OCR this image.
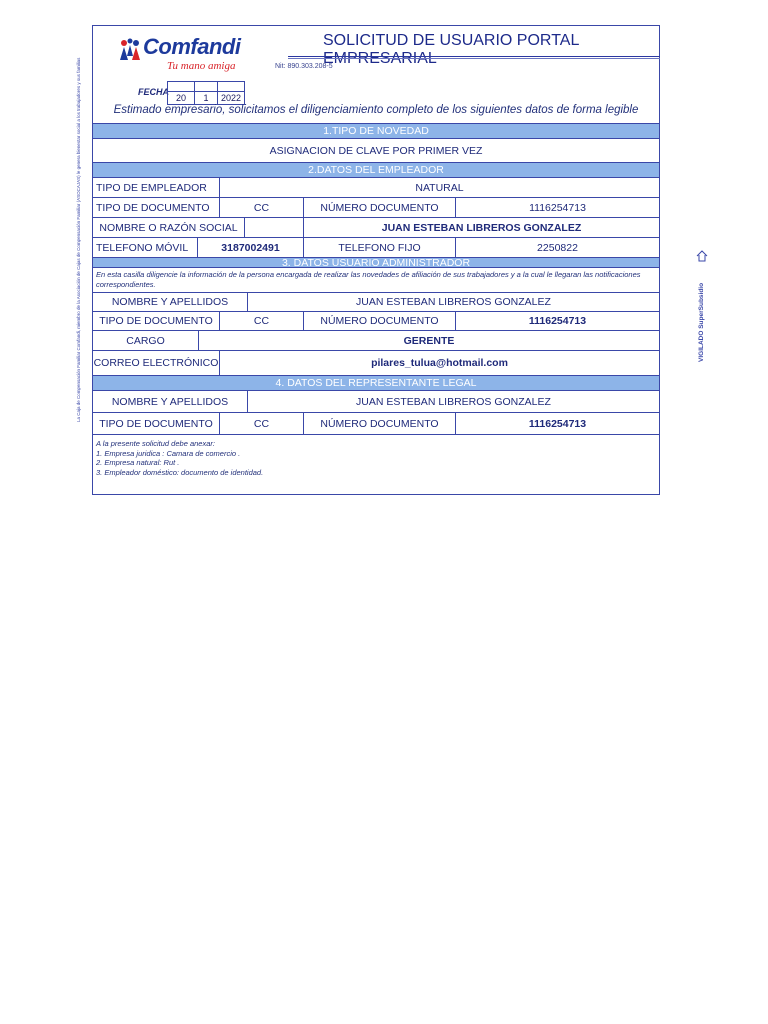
La Caja de Compensación Familiar Comfandi, miembro de la Asociación de Cajas de Compensación Familiar (ASOCAJAS) le genera bienestar social a los trabajadores y sus familias	VIGILADO SuperSubsidio
Comfandi
Tu mano amiga
SOLICITUD DE USUARIO PORTAL
Nit: 890.303.208-5
FECHA
20	1	2022
Estimado empresario, solicitamos el diligenciamiento completo de los siguientes datos de forma legible
1.TIPO DE NOVEDAD
ASIGNACION DE CLAVE POR PRIMER VEZ
2.DATOS DEL EMPLEADOR
TIPO DE EMPLEADOR	NATURAL
TIPO DE DOCUMENTO	CC	NÚMERO DOCUMENTO	1116254713
NOMBRE O RAZÓN SOCIAL	JUAN ESTEBAN LIBREROS GONZALEZ
TELEFONO MÓVIL	3187002491	TELEFONO FIJO	2250822
3. DATOS USUARIO ADMINISTRADOR
En esta casilla diligencie la información de la persona encargada de realizar las novedades de afiliación de sus trabajadores y a la cual le llegaran las notificaciones correspondientes.
NOMBRE Y APELLIDOS	JUAN ESTEBAN LIBREROS GONZALEZ
TIPO DE DOCUMENTO	CC	NÚMERO DOCUMENTO	1116254713
CARGO	GERENTE
CORREO ELECTRÓNICO	pilares_tulua@hotmail.com
4. DATOS DEL REPRESENTANTE LEGAL
NOMBRE Y APELLIDOS	JUAN ESTEBAN LIBREROS GONZALEZ
TIPO DE DOCUMENTO	CC	NÚMERO DOCUMENTO	1116254713
A la presente solicitud debe anexar:
1. Empresa juridica : Camara de comercio .
2. Empresa natural: Rut .
3. Empleador doméstico: documento de identidad.
